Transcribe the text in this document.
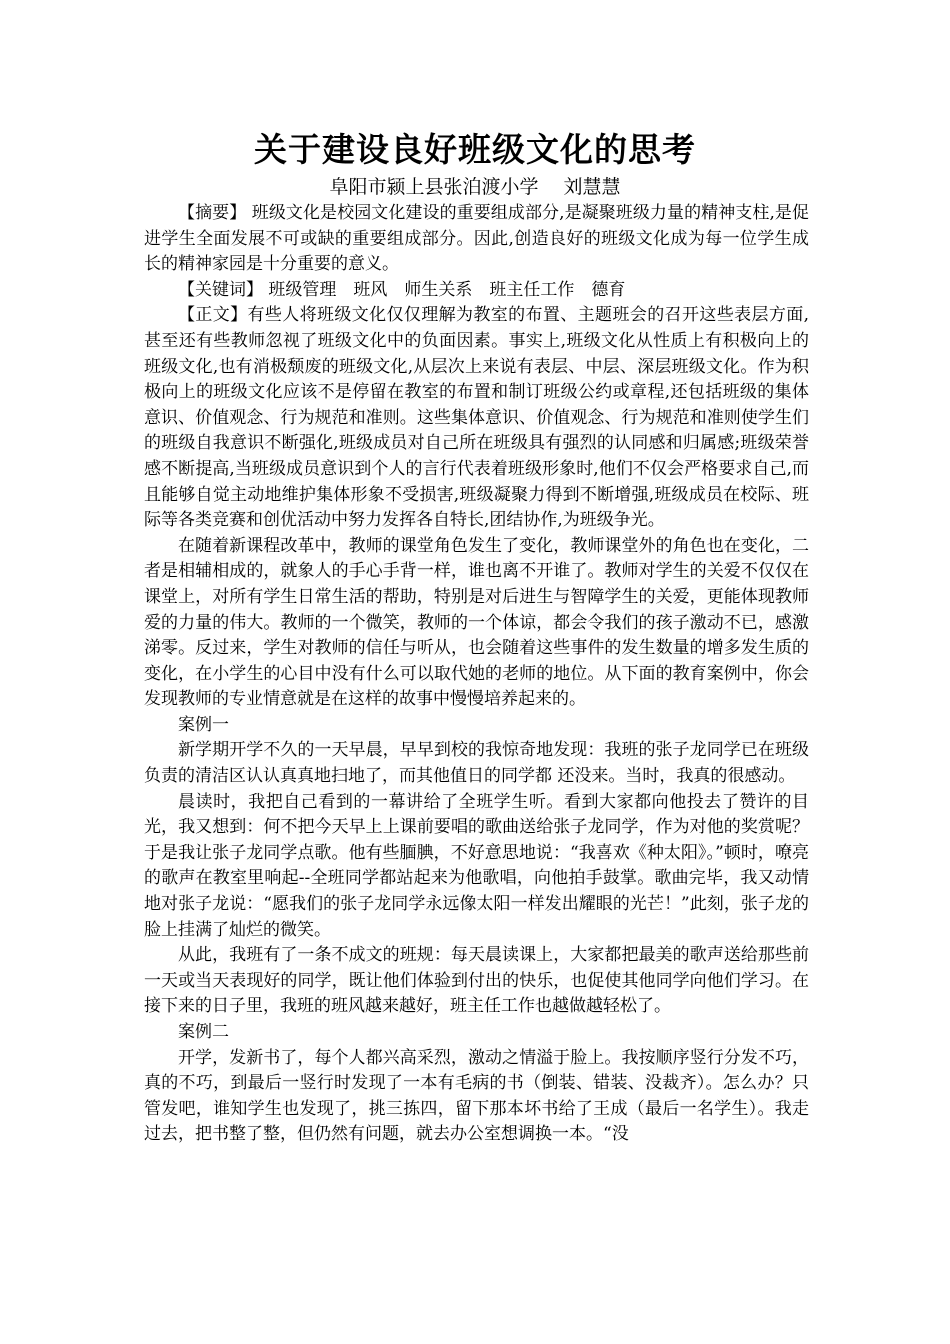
关于建设良好班级文化的思考
阜阳市颍上县张泊渡小学　 刘慧慧

【摘要】 班级文化是校园文化建设的重要组成部分,是凝聚班级力量的精神支柱,是促进学生全面发展不可或缺的重要组成部分。因此,创造良好的班级文化成为每一位学生成长的精神家园是十分重要的意义。

【关键词】 班级管理　班风　师生关系　班主任工作　德育

【正文】有些人将班级文化仅仅理解为教室的布置、主题班会的召开这些表层方面,甚至还有些教师忽视了班级文化中的负面因素。事实上,班级文化从性质上有积极向上的班级文化,也有消极颓废的班级文化,从层次上来说有表层、中层、深层班级文化。作为积极向上的班级文化应该不是停留在教室的布置和制订班级公约或章程,还包括班级的集体意识、价值观念、行为规范和准则。这些集体意识、价值观念、行为规范和准则使学生们的班级自我意识不断强化,班级成员对自己所在班级具有强烈的认同感和归属感;班级荣誉感不断提高,当班级成员意识到个人的言行代表着班级形象时,他们不仅会严格要求自己,而且能够自觉主动地维护集体形象不受损害,班级凝聚力得到不断增强,班级成员在校际、班际等各类竞赛和创优活动中努力发挥各自特长,团结协作,为班级争光。

在随着新课程改革中，教师的课堂角色发生了变化，教师课堂外的角色也在变化，二者是相辅相成的，就象人的手心手背一样，谁也离不开谁了。教师对学生的关爱不仅仅在课堂上，对所有学生日常生活的帮助，特别是对后进生与智障学生的关爱，更能体现教师爱的力量的伟大。教师的一个微笑，教师的一个体谅，都会令我们的孩子激动不已，感激涕零。反过来，学生对教师的信任与听从，也会随着这些事件的发生数量的增多发生质的变化，在小学生的心目中没有什么可以取代她的老师的地位。从下面的教育案例中，你会发现教师的专业情意就是在这样的故事中慢慢培养起来的。

案例一

新学期开学不久的一天早晨，早早到校的我惊奇地发现：我班的张子龙同学已在班级负责的清洁区认认真真地扫地了，而其他值日的同学都 还没来。当时，我真的很感动。

晨读时，我把自己看到的一幕讲给了全班学生听。看到大家都向他投去了赞许的目光，我又想到：何不把今天早上上课前要唱的歌曲送给张子龙同学，作为对他的奖赏呢？于是我让张子龙同学点歌。他有些腼腆，不好意思地说：“我喜欢《种太阳》。”顿时，嘹亮的歌声在教室里响起--全班同学都站起来为他歌唱，向他拍手鼓掌。歌曲完毕，我又动情地对张子龙说：“愿我们的张子龙同学永远像太阳一样发出耀眼的光芒！”此刻，张子龙的脸上挂满了灿烂的微笑。

从此，我班有了一条不成文的班规：每天晨读课上，大家都把最美的歌声送给那些前一天或当天表现好的同学，既让他们体验到付出的快乐，也促使其他同学向他们学习。在接下来的日子里，我班的班风越来越好，班主任工作也越做越轻松了。

案例二

开学，发新书了，每个人都兴高采烈，激动之情溢于脸上。我按顺序竖行分发不巧，真的不巧，到最后一竖行时发现了一本有毛病的书（倒装、错装、没裁齐）。怎么办？只管发吧，谁知学生也发现了，挑三拣四，留下那本坏书给了王成（最后一名学生）。我走过去，把书整了整，但仍然有问题，就去办公室想调换一本。“没
